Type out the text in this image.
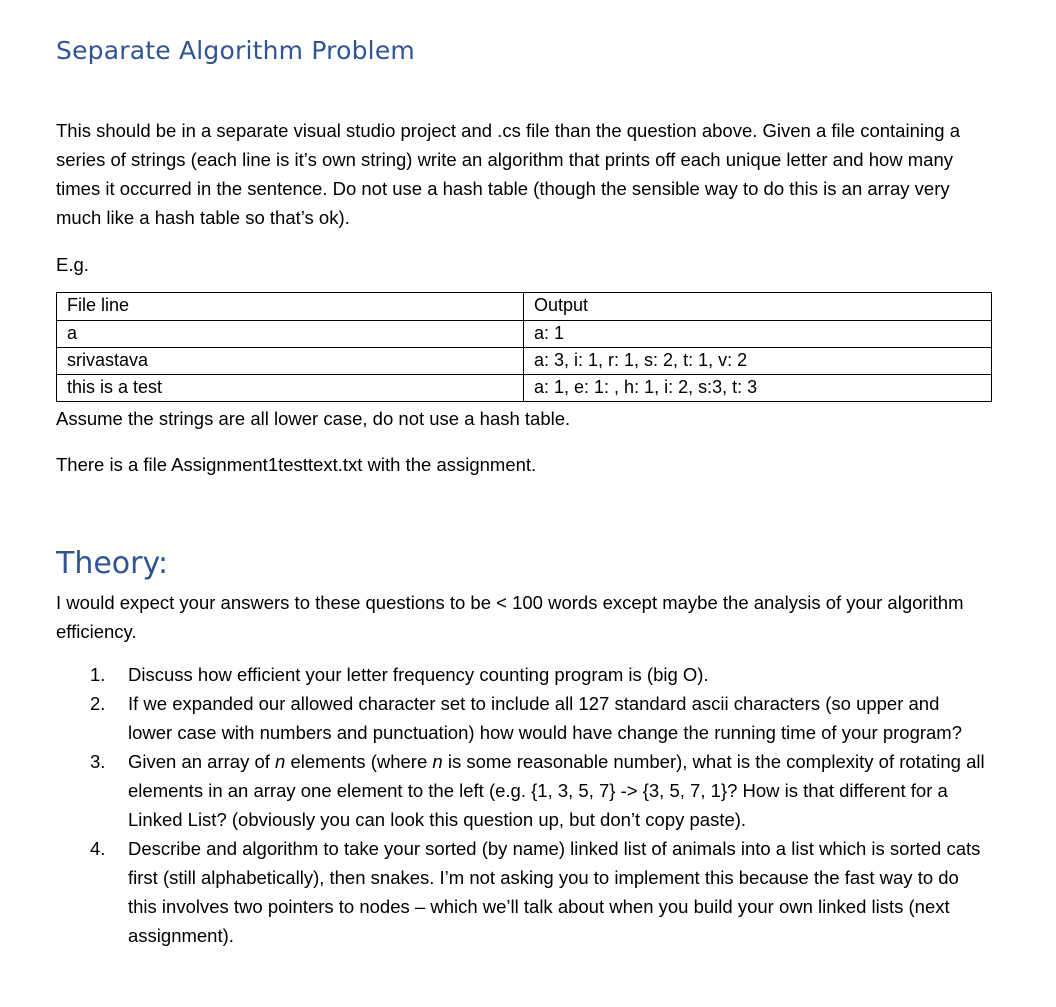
Separate Algorithm Problem
This should be in a separate visual studio project and .cs file than the question above. Given a file containing a series of strings (each line is it’s own string) write an algorithm that prints off each unique letter and how many times it occurred in the sentence. Do not use a hash table (though the sensible way to do this is an array very much like a hash table so that’s ok).
E.g.
File line	Output
a	a: 1
srivastava	a: 3, i: 1, r: 1, s: 2, t: 1, v: 2
this is a test	a: 1, e: 1: , h: 1, i: 2, s:3, t: 3
Assume the strings are all lower case, do not use a hash table.
There is a file Assignment1testtext.txt with the assignment.
Theory:
I would expect your answers to these questions to be < 100 words except maybe the analysis of your algorithm efficiency.
1. Discuss how efficient your letter frequency counting program is (big O).
2. If we expanded our allowed character set to include all 127 standard ascii characters (so upper and lower case with numbers and punctuation) how would have change the running time of your program?
3. Given an array of n elements (where n is some reasonable number), what is the complexity of rotating all elements in an array one element to the left (e.g. {1, 3, 5, 7} -> {3, 5, 7, 1}? How is that different for a Linked List? (obviously you can look this question up, but don’t copy paste).
4. Describe and algorithm to take your sorted (by name) linked list of animals into a list which is sorted cats first (still alphabetically), then snakes. I’m not asking you to implement this because the fast way to do this involves two pointers to nodes – which we’ll talk about when you build your own linked lists (next assignment).
